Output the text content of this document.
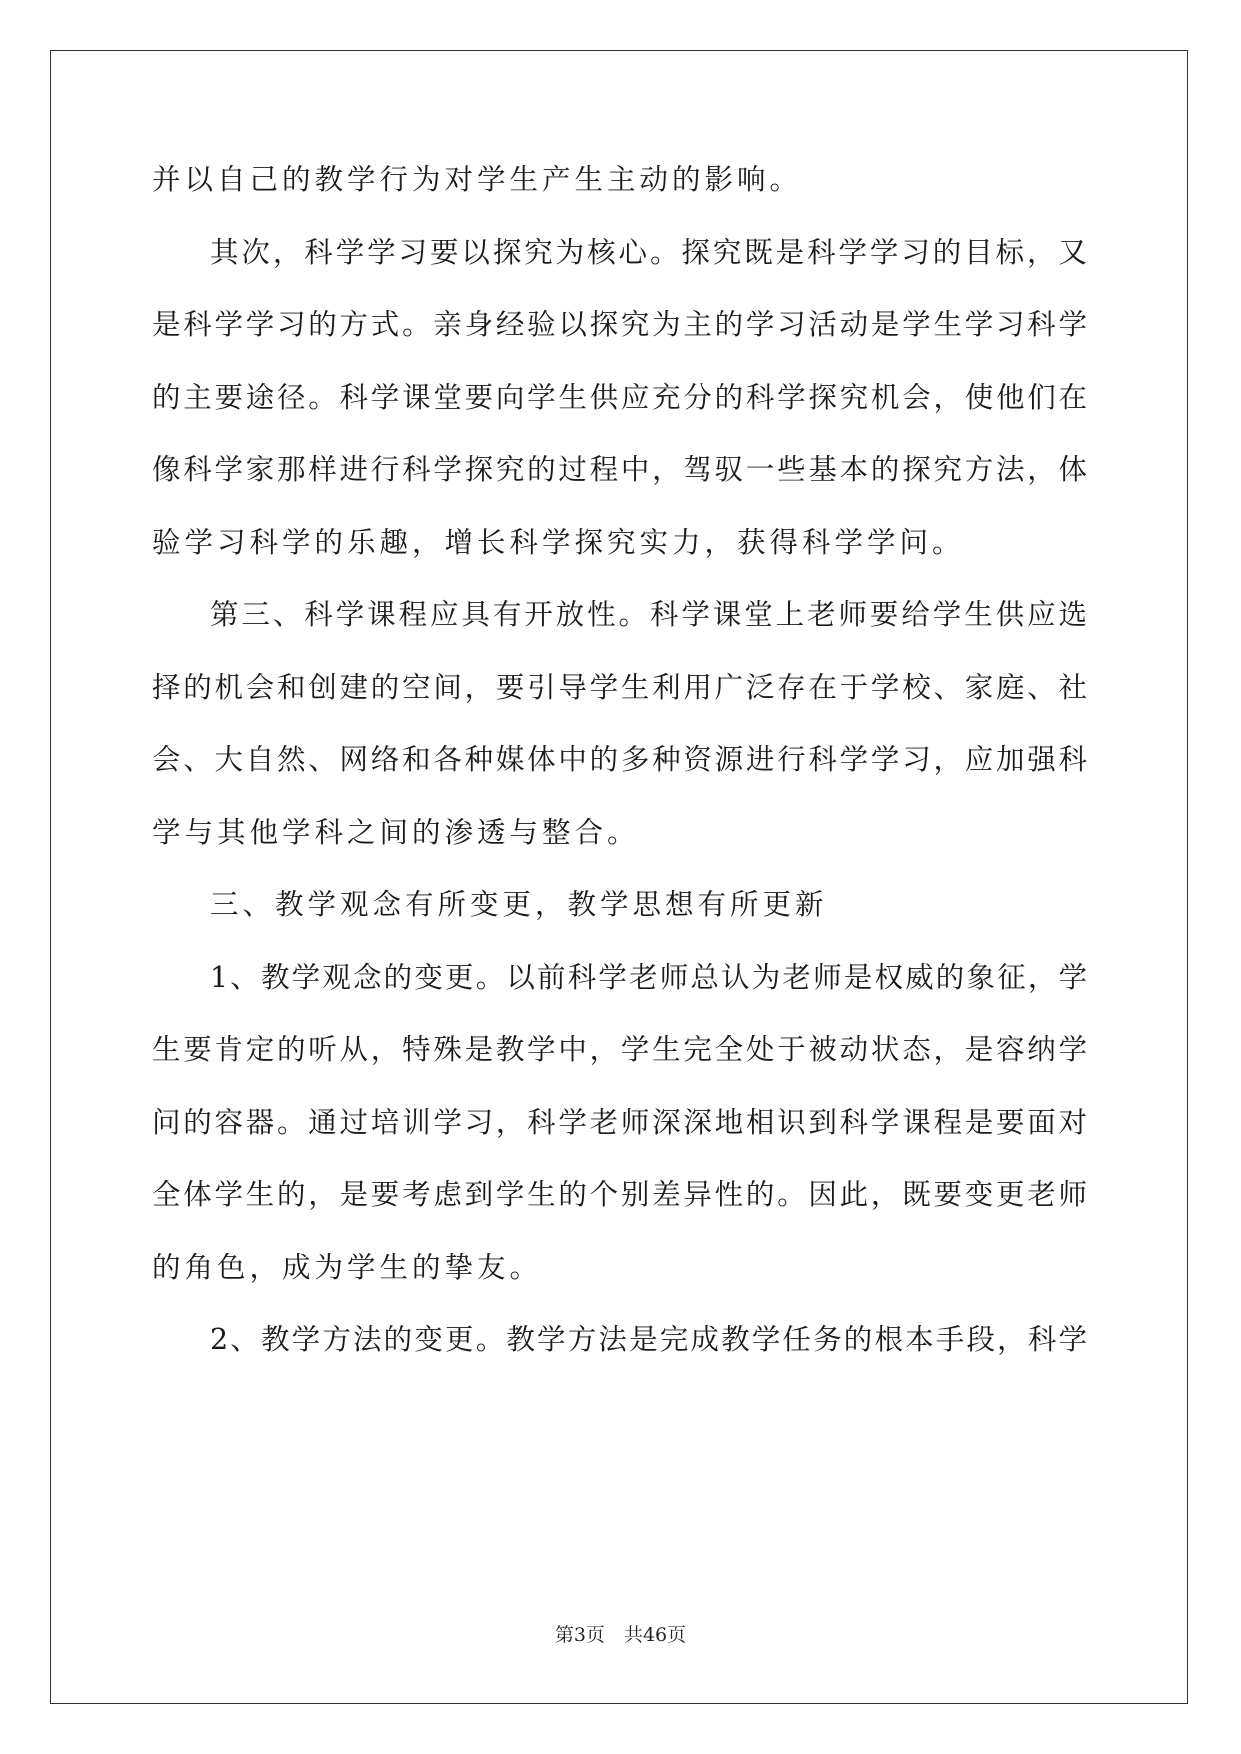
并以自己的教学行为对学生产生主动的影响。
其次，科学学习要以探究为核心。探究既是科学学习的目标，又
是科学学习的方式。亲身经验以探究为主的学习活动是学生学习科学
的主要途径。科学课堂要向学生供应充分的科学探究机会，使他们在
像科学家那样进行科学探究的过程中，驾驭一些基本的探究方法，体
验学习科学的乐趣，增长科学探究实力，获得科学学问。
第三、科学课程应具有开放性。科学课堂上老师要给学生供应选
择的机会和创建的空间，要引导学生利用广泛存在于学校、家庭、社
会、大自然、网络和各种媒体中的多种资源进行科学学习，应加强科
学与其他学科之间的渗透与整合。
三、教学观念有所变更，教学思想有所更新
1、教学观念的变更。以前科学老师总认为老师是权威的象征，学
生要肯定的听从，特殊是教学中，学生完全处于被动状态，是容纳学
问的容器。通过培训学习，科学老师深深地相识到科学课程是要面对
全体学生的，是要考虑到学生的个别差异性的。因此，既要变更老师
的角色，成为学生的挚友。
2、教学方法的变更。教学方法是完成教学任务的根本手段，科学
第3页　 共46页
